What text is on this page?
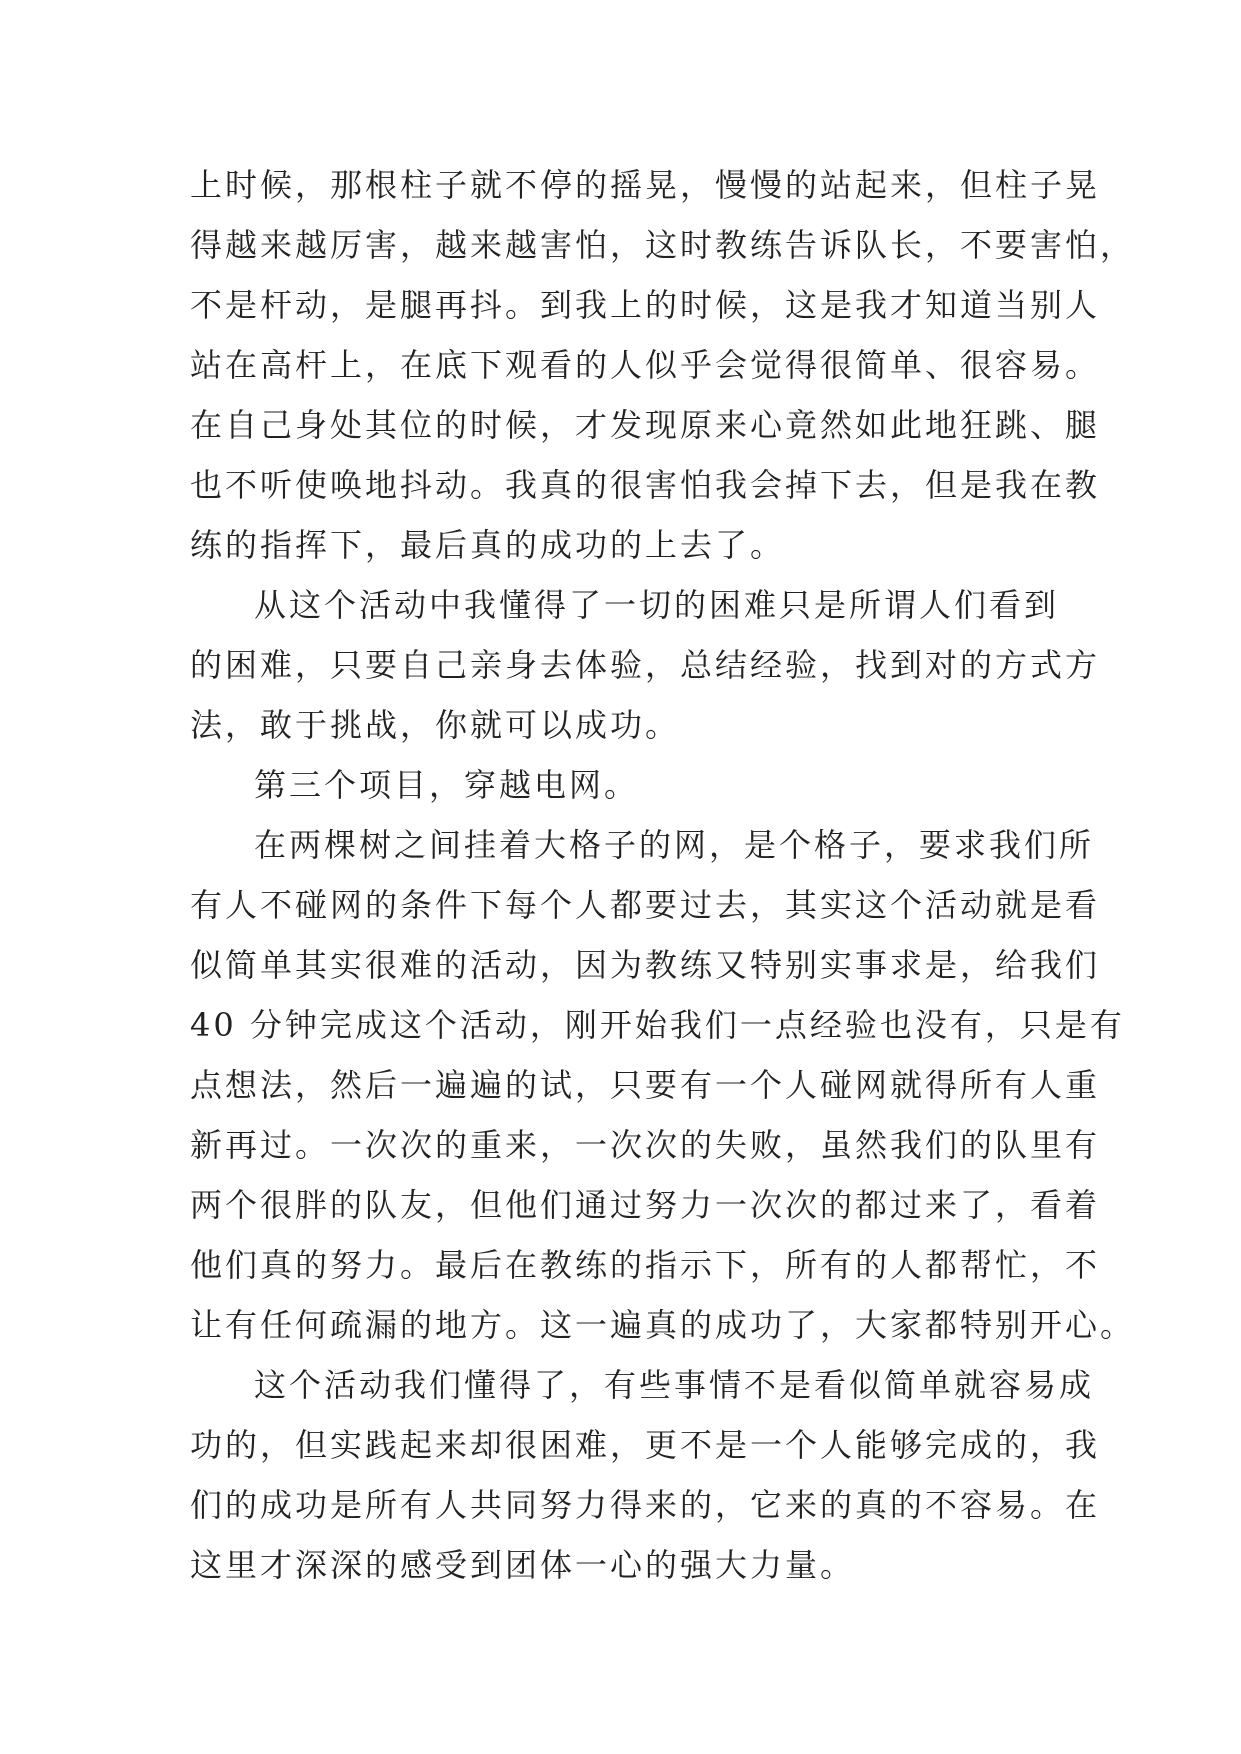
上时候，那根柱子就不停的摇晃，慢慢的站起来，但柱子晃
得越来越厉害，越来越害怕，这时教练告诉队长，不要害怕，
不是杆动，是腿再抖。到我上的时候，这是我才知道当别人
站在高杆上，在底下观看的人似乎会觉得很简单、很容易。
在自己身处其位的时候，才发现原来心竟然如此地狂跳、腿
也不听使唤地抖动。我真的很害怕我会掉下去，但是我在教
练的指挥下，最后真的成功的上去了。
从这个活动中我懂得了一切的困难只是所谓人们看到
的困难，只要自己亲身去体验，总结经验，找到对的方式方
法，敢于挑战，你就可以成功。
第三个项目，穿越电网。
在两棵树之间挂着大格子的网，是个格子，要求我们所
有人不碰网的条件下每个人都要过去，其实这个活动就是看
似简单其实很难的活动，因为教练又特别实事求是，给我们
40 分钟完成这个活动，刚开始我们一点经验也没有，只是有
点想法，然后一遍遍的试，只要有一个人碰网就得所有人重
新再过。一次次的重来，一次次的失败，虽然我们的队里有
两个很胖的队友，但他们通过努力一次次的都过来了，看着
他们真的努力。最后在教练的指示下，所有的人都帮忙，不
让有任何疏漏的地方。这一遍真的成功了，大家都特别开心。
这个活动我们懂得了，有些事情不是看似简单就容易成
功的，但实践起来却很困难，更不是一个人能够完成的，我
们的成功是所有人共同努力得来的，它来的真的不容易。在
这里才深深的感受到团体一心的强大力量。
